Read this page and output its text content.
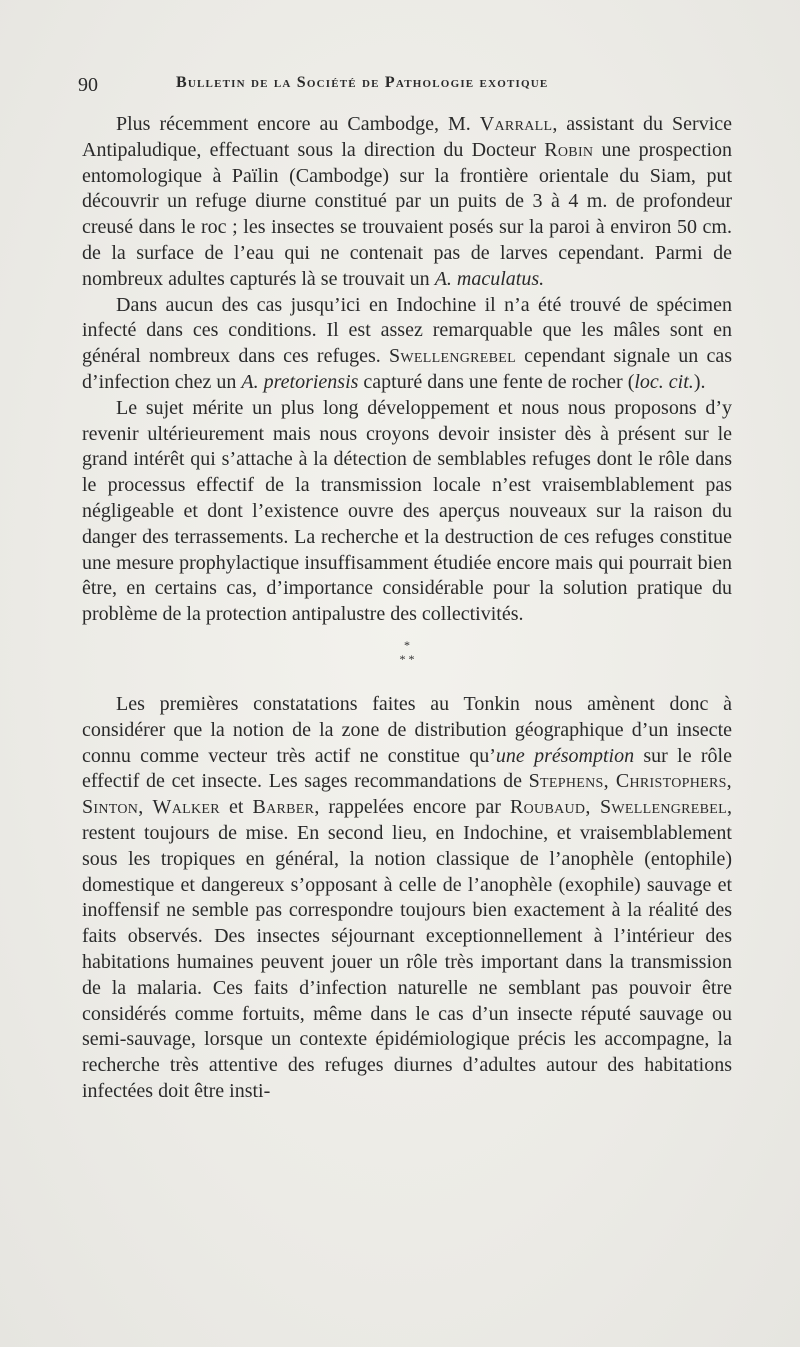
90	Bulletin de la Société de Pathologie exotique

Plus récemment encore au Cambodge, M. Varrall, assistant du Service Antipaludique, effectuant sous la direction du Docteur Robin une prospection entomologique à Païlin (Cambodge) sur la frontière orientale du Siam, put découvrir un refuge diurne constitué par un puits de 3 à 4 m. de profondeur creusé dans le roc ; les insectes se trouvaient posés sur la paroi à environ 50 cm. de la surface de l’eau qui ne contenait pas de larves cependant. Parmi de nombreux adultes capturés là se trouvait un A. maculatus.

Dans aucun des cas jusqu’ici en Indochine il n’a été trouvé de spécimen infecté dans ces conditions. Il est assez remarquable que les mâles sont en général nombreux dans ces refuges. Swellengrebel cependant signale un cas d’infection chez un A. pretoriensis capturé dans une fente de rocher (loc. cit.).

Le sujet mérite un plus long développement et nous nous proposons d’y revenir ultérieurement mais nous croyons devoir insister dès à présent sur le grand intérêt qui s’attache à la détection de semblables refuges dont le rôle dans le processus effectif de la transmission locale n’est vraisemblablement pas négligeable et dont l’existence ouvre des aperçus nouveaux sur la raison du danger des terrassements. La recherche et la destruction de ces refuges constitue une mesure prophylactique insuffisamment étudiée encore mais qui pourrait bien être, en certains cas, d’importance considérable pour la solution pratique du problème de la protection antipalustre des collectivités.

*
* *

Les premières constatations faites au Tonkin nous amènent donc à considérer que la notion de la zone de distribution géographique d’un insecte connu comme vecteur très actif ne constitue qu’une présomption sur le rôle effectif de cet insecte. Les sages recommandations de Stephens, Christophers, Sinton, Walker et Barber, rappelées encore par Roubaud, Swellengrebel, restent toujours de mise. En second lieu, en Indochine, et vraisemblablement sous les tropiques en général, la notion classique de l’anophèle (entophile) domestique et dangereux s’opposant à celle de l’anophèle (exophile) sauvage et inoffensif ne semble pas correspondre toujours bien exactement à la réalité des faits observés. Des insectes séjournant exceptionnellement à l’intérieur des habitations humaines peuvent jouer un rôle très important dans la transmission de la malaria. Ces faits d’infection naturelle ne semblant pas pouvoir être considérés comme fortuits, même dans le cas d’un insecte réputé sauvage ou semi-sauvage, lorsque un contexte épidémiologique précis les accompagne, la recherche très attentive des refuges diurnes d’adultes autour des habitations infectées doit être insti-
